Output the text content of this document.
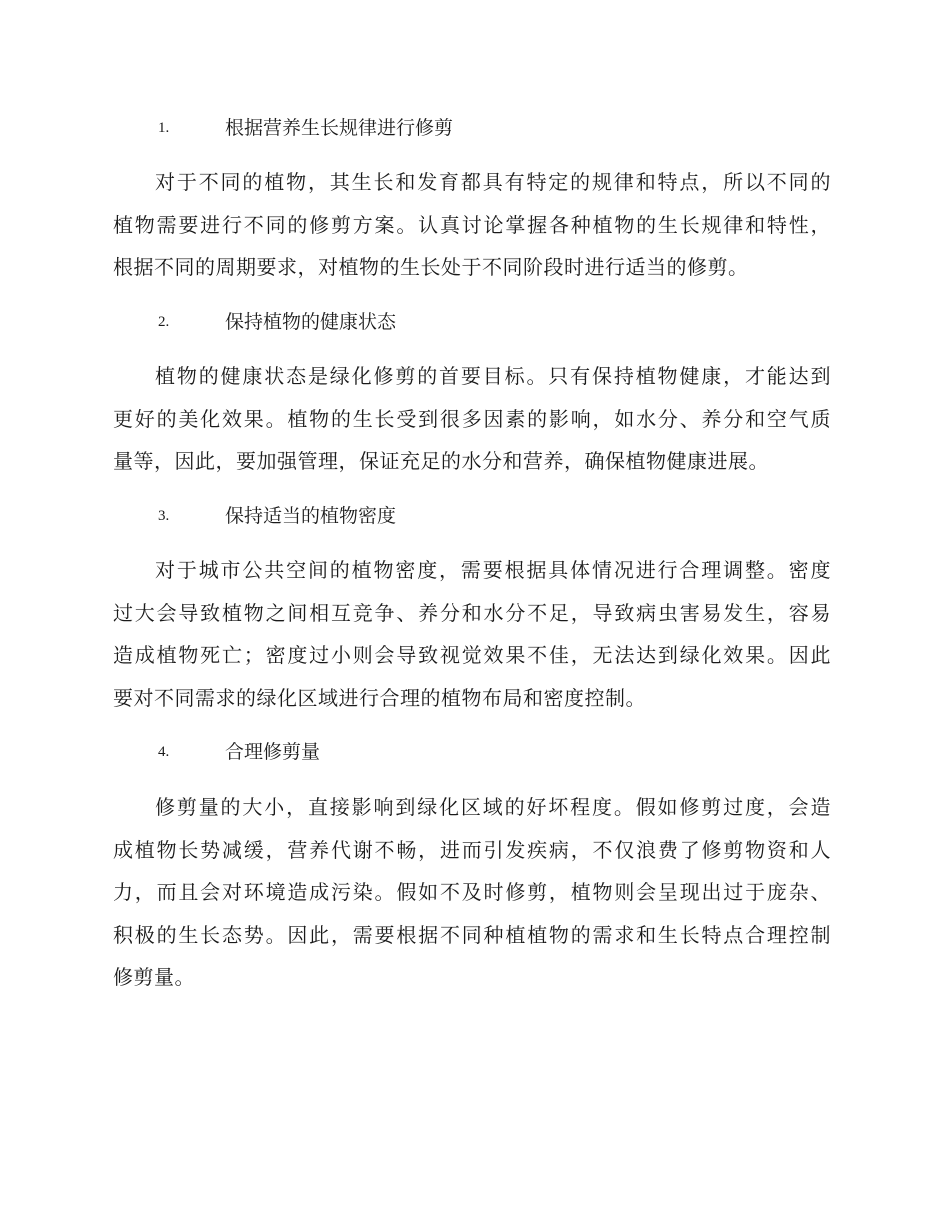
1.	根据营养生长规律进行修剪
对于不同的植物，其生长和发育都具有特定的规律和特点，所以不同的
植物需要进行不同的修剪方案。认真讨论掌握各种植物的生长规律和特性，
根据不同的周期要求，对植物的生长处于不同阶段时进行适当的修剪。
2.	保持植物的健康状态
植物的健康状态是绿化修剪的首要目标。只有保持植物健康，才能达到
更好的美化效果。植物的生长受到很多因素的影响，如水分、养分和空气质
量等，因此，要加强管理，保证充足的水分和营养，确保植物健康进展。
3.	保持适当的植物密度
对于城市公共空间的植物密度，需要根据具体情况进行合理调整。密度
过大会导致植物之间相互竞争、养分和水分不足，导致病虫害易发生，容易
造成植物死亡；密度过小则会导致视觉效果不佳，无法达到绿化效果。因此
要对不同需求的绿化区域进行合理的植物布局和密度控制。
4.	合理修剪量
修剪量的大小，直接影响到绿化区域的好坏程度。假如修剪过度，会造
成植物长势减缓，营养代谢不畅，进而引发疾病，不仅浪费了修剪物资和人
力，而且会对环境造成污染。假如不及时修剪，植物则会呈现出过于庞杂、
积极的生长态势。因此，需要根据不同种植植物的需求和生长特点合理控制
修剪量。
